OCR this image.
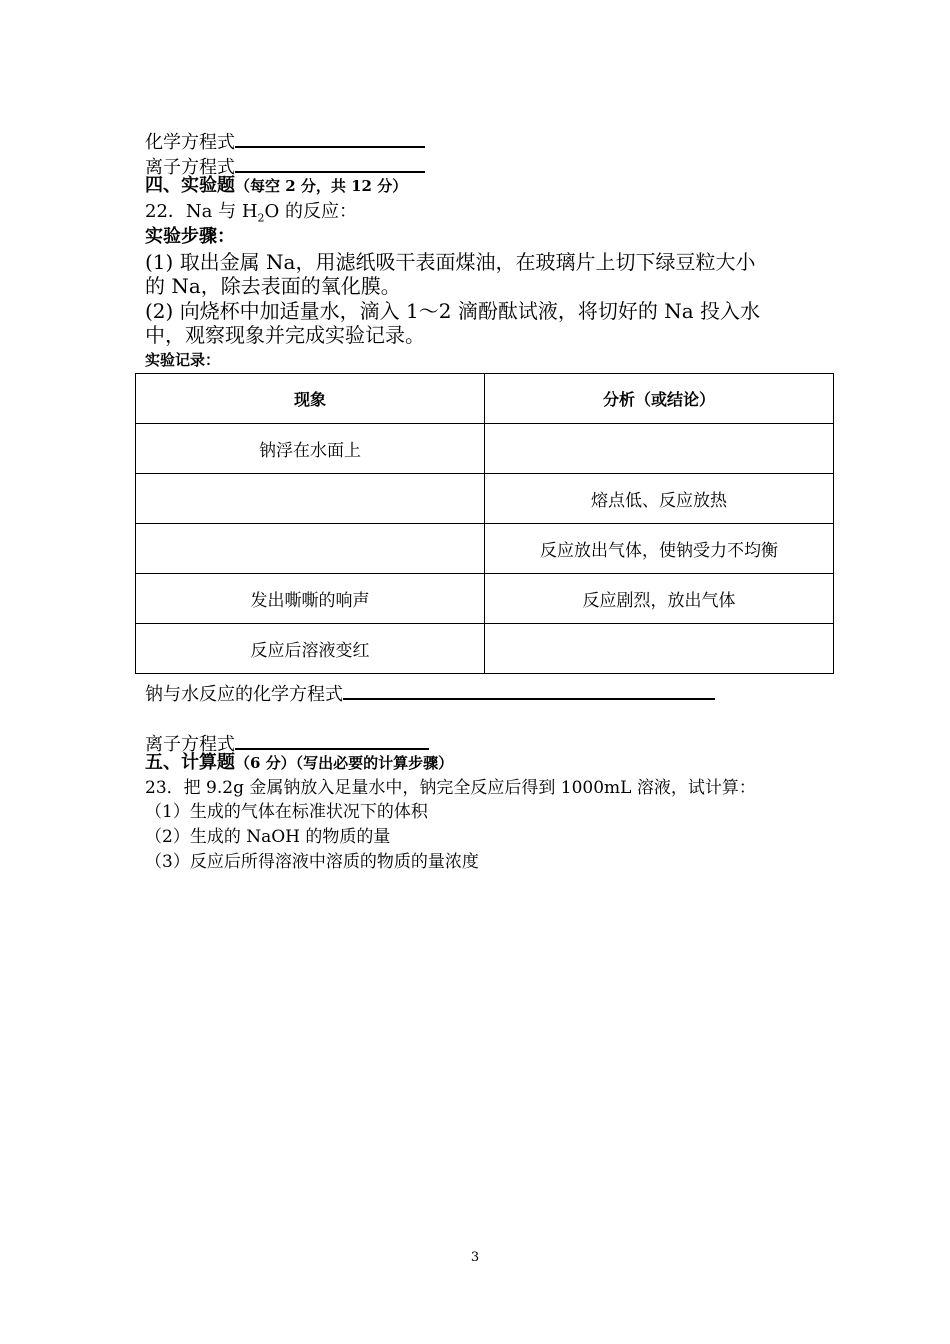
化学方程式
离子方程式
四、实验题（每空 2 分，共 12 分）
22．Na 与 $H_2O$ 的反应：
实验步骤：
(1) 取出金属 Na，用滤纸吸干表面煤油，在玻璃片上切下绿豆粒大小
的 Na，除去表面的氧化膜。
(2) 向烧杯中加适量水，滴入 1～2 滴酚酞试液，将切好的 Na 投入水
中，观察现象并完成实验记录。
实验记录：
现象	分析（或结论）
钠浮在水面上	
	熔点低、反应放热
	反应放出气体，使钠受力不均衡
发出嘶嘶的响声	反应剧烈，放出气体
反应后溶液变红	
钠与水反应的化学方程式
离子方程式
五、计算题（6 分）（写出必要的计算步骤）
23．把 9.2g 金属钠放入足量水中，钠完全反应后得到 1000mL 溶液，试计算：
（1）生成的气体在标准状况下的体积
（2）生成的 NaOH 的物质的量
（3）反应后所得溶液中溶质的物质的量浓度
3
